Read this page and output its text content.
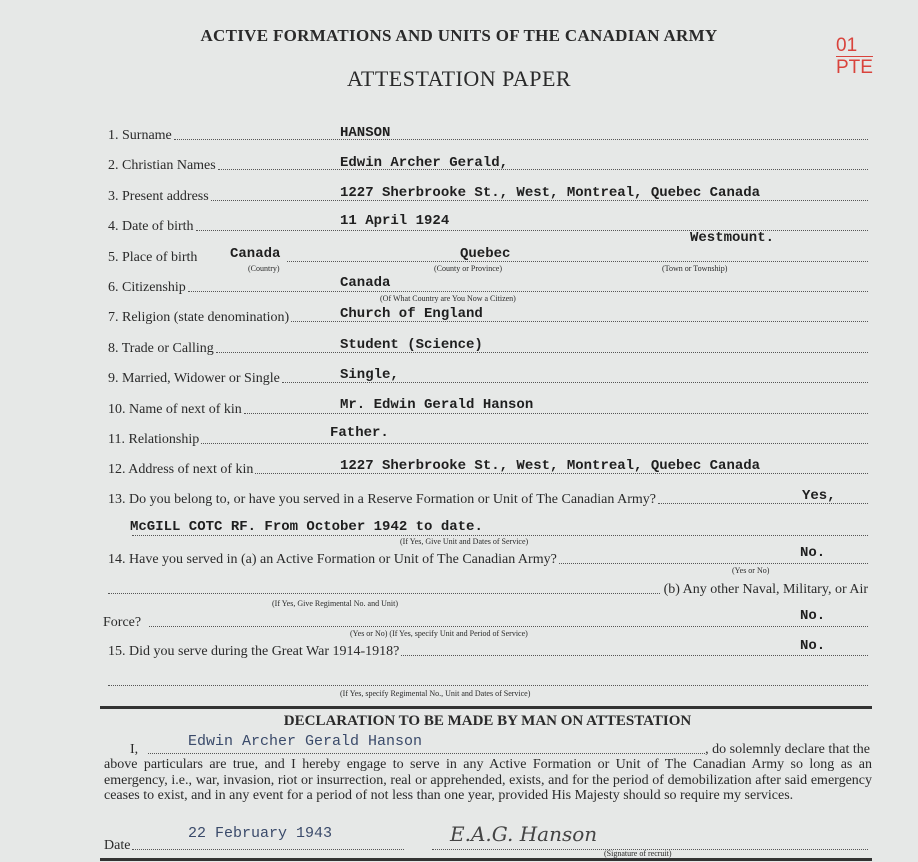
ACTIVE FORMATIONS AND UNITS OF THE CANADIAN ARMY
ATTESTATION PAPER
01
$\overline{PTE}$
1. Surname	HANSON
2. Christian Names	Edwin Archer Gerald,
3. Present address	1227 Sherbrooke St., West, Montreal, Quebec Canada
4. Date of birth	11 April 1924
5. Place of birth Canada	Quebec
Westmount.
(Country)	(County or Province)	(Town or Township)
6. Citizenship	Canada
(Of What Country are You Now a Citizen)
7. Religion (state denomination)	Church of England
8. Trade or Calling	Student (Science)
9. Married, Widower or Single	Single,
10. Name of next of kin	Mr. Edwin Gerald Hanson
11. Relationship	Father.
12. Address of next of kin	1227 Sherbrooke St., West, Montreal, Quebec Canada
13. Do you belong to, or have you served in a Reserve Formation or Unit of The Canadian Army?	Yes,
McGILL COTC RF. From October 1942 to date.
(If Yes, Give Unit and Dates of Service)
14. Have you served in (a) an Active Formation or Unit of The Canadian Army?	No.
(Yes or No)
(b) Any other Naval, Military, or Air
(If Yes, Give Regimental No. and Unit)
Force?	No.
(Yes or No) (If Yes, specify Unit and Period of Service)
15. Did you serve during the Great War 1914-1918?	No.
(If Yes, specify Regimental No., Unit and Dates of Service)
DECLARATION TO BE MADE BY MAN ON ATTESTATION
I,	, do solemnly declare that the
Edwin Archer Gerald Hanson
above particulars are true, and I hereby engage to serve in any Active Formation or Unit of The Canadian Army so long as an emergency, i.e., war, invasion, riot or insurrection, real or apprehended, exists, and for the period of demobilization after said emergency ceases to exist, and in any event for a period of not less than one year, provided His Majesty should so require my services.
Date
22 February 1943	E.A.G. Hanson
(Signature of recruit)
